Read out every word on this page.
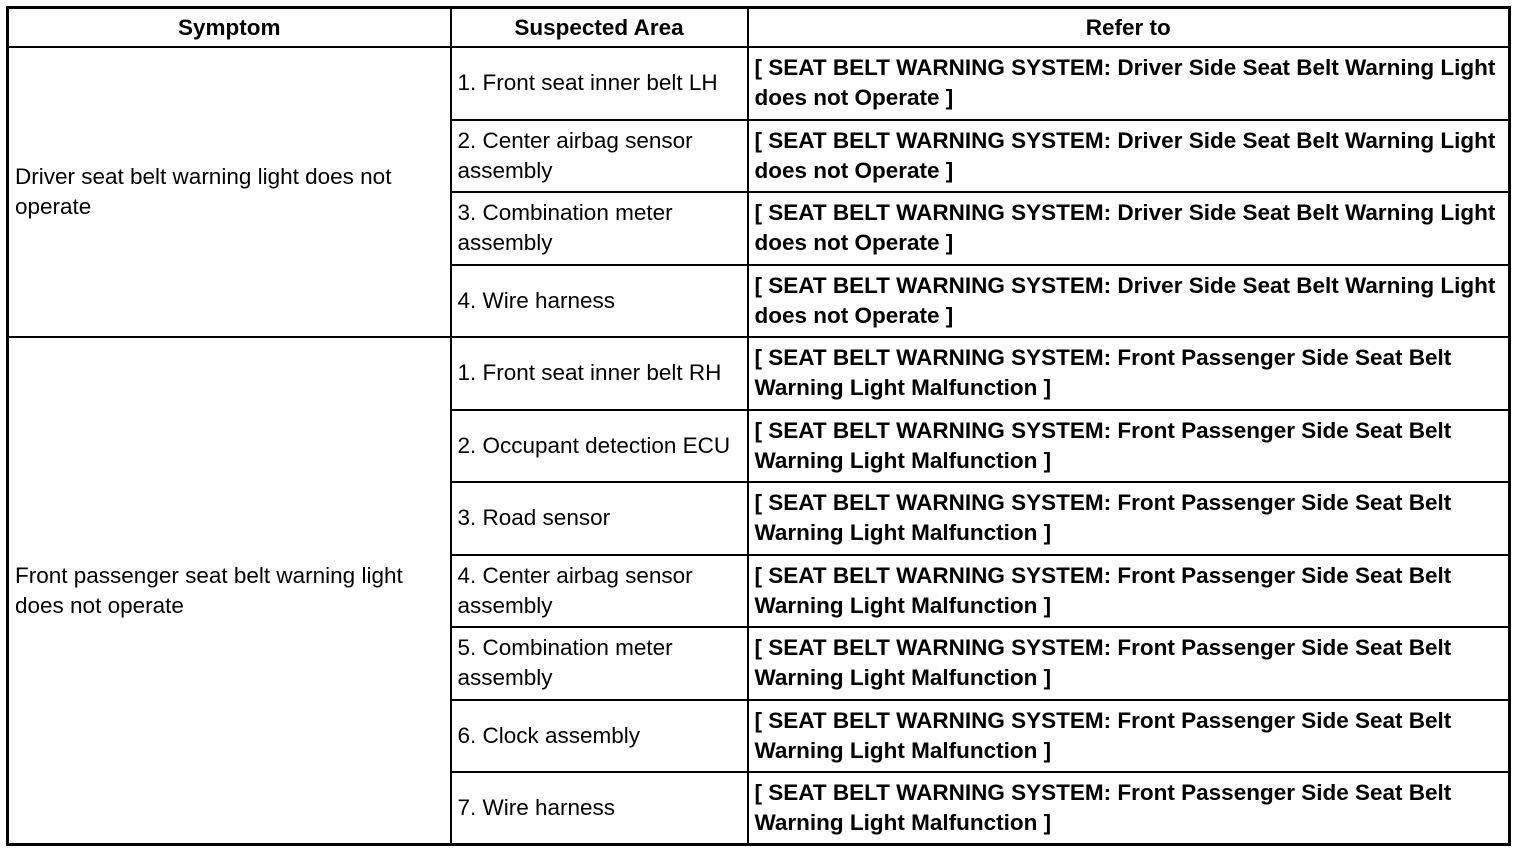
Symptom	Suspected Area	Refer to
Driver seat belt warning light does not operate	1. Front seat inner belt LH	[ SEAT BELT WARNING SYSTEM: Driver Side Seat Belt Warning Light does not Operate ]
	2. Center airbag sensor assembly	[ SEAT BELT WARNING SYSTEM: Driver Side Seat Belt Warning Light does not Operate ]
	3. Combination meter assembly	[ SEAT BELT WARNING SYSTEM: Driver Side Seat Belt Warning Light does not Operate ]
	4. Wire harness	[ SEAT BELT WARNING SYSTEM: Driver Side Seat Belt Warning Light does not Operate ]
Front passenger seat belt warning light does not operate	1. Front seat inner belt RH	[ SEAT BELT WARNING SYSTEM: Front Passenger Side Seat Belt Warning Light Malfunction ]
	2. Occupant detection ECU	[ SEAT BELT WARNING SYSTEM: Front Passenger Side Seat Belt Warning Light Malfunction ]
	3. Road sensor	[ SEAT BELT WARNING SYSTEM: Front Passenger Side Seat Belt Warning Light Malfunction ]
	4. Center airbag sensor assembly	[ SEAT BELT WARNING SYSTEM: Front Passenger Side Seat Belt Warning Light Malfunction ]
	5. Combination meter assembly	[ SEAT BELT WARNING SYSTEM: Front Passenger Side Seat Belt Warning Light Malfunction ]
	6. Clock assembly	[ SEAT BELT WARNING SYSTEM: Front Passenger Side Seat Belt Warning Light Malfunction ]
	7. Wire harness	[ SEAT BELT WARNING SYSTEM: Front Passenger Side Seat Belt Warning Light Malfunction ]
